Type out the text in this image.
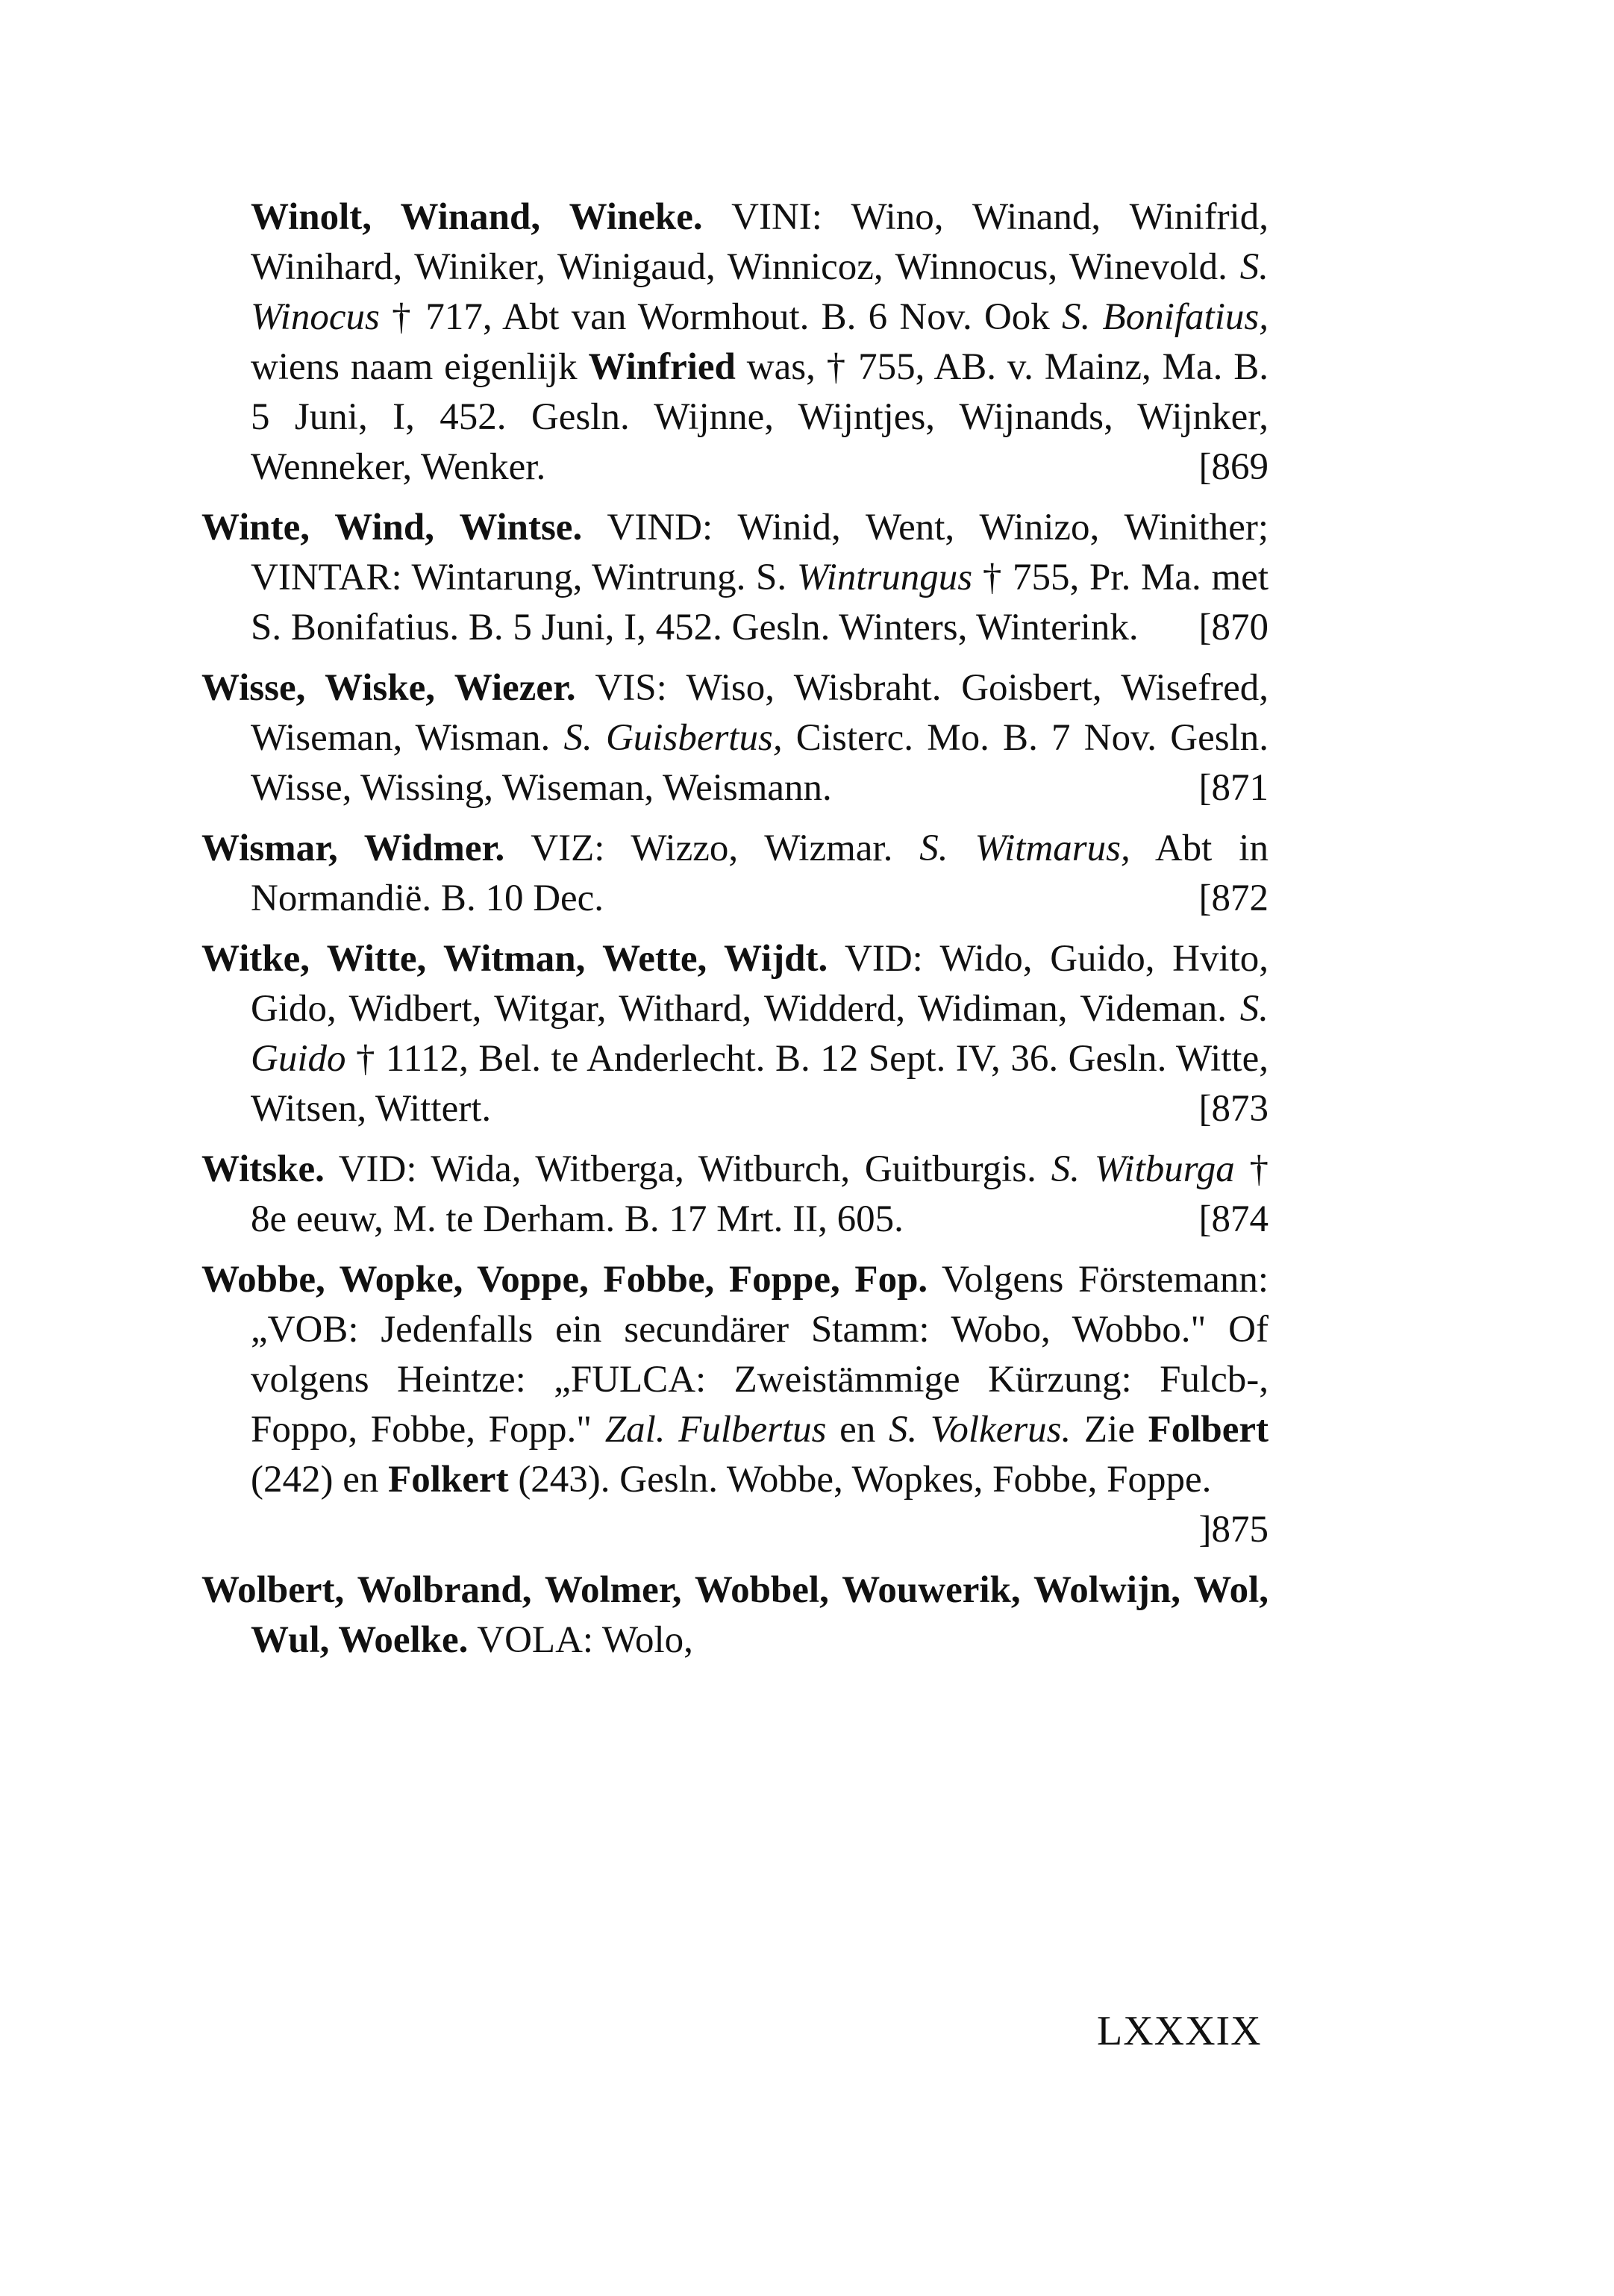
Winolt, Winand, Wineke. VINI: Wino, Winand, Winifrid, Winihard, Winiker, Winigaud, Winnicoz, Winnocus, Winevold. S. Winocus † 717, Abt van Wormhout. B. 6 Nov. Ook S. Bonifatius, wiens naam eigenlijk Winfried was, † 755, AB. v. Mainz, Ma. B. 5 Juni, I, 452. Gesln. Wijnne, Wijntjes, Wijnands, Wijnker, Wenneker, Wenker.	[869

Winte, Wind, Wintse. VIND: Winid, Went, Winizo, Winither; VINTAR: Wintarung, Wintrung. S. Wintrungus † 755, Pr. Ma. met S. Bonifatius. B. 5 Juni, I, 452. Gesln. Winters, Winterink. [870

Wisse, Wiske, Wiezer. VIS: Wiso, Wisbraht. Goisbert, Wisefred, Wiseman, Wisman. S. Guisbertus, Cisterc. Mo. B. 7 Nov. Gesln. Wisse, Wissing, Wiseman, Weismann.	[871

Wismar, Widmer. VIZ: Wizzo, Wizmar. S. Witmarus, Abt in Normandië. B. 10 Dec.	[872

Witke, Witte, Witman, Wette, Wijdt. VID: Wido, Guido, Hvito, Gido, Widbert, Witgar, Withard, Widderd, Widiman, Videman. S. Guido † 1112, Bel. te Anderlecht. B. 12 Sept. IV, 36. Gesln. Witte, Witsen, Wittert.	[873

Witske. VID: Wida, Witberga, Witburch, Guitburgis. S. Witburga † 8e eeuw, M. te Derham. B. 17 Mrt. II, 605.	[874

Wobbe, Wopke, Voppe, Fobbe, Foppe, Fop. Volgens Förstemann: „VOB: Jedenfalls ein secundärer Stamm: Wobo, Wobbo." Of volgens Heintze: „FULCA: Zweistämmige Kürzung: Fulcb-, Foppo, Fobbe, Fopp." Zal. Fulbertus en S. Volkerus. Zie Folbert (242) en Folkert (243). Gesln. Wobbe, Wopkes, Fobbe, Foppe.
]875

Wolbert, Wolbrand, Wolmer, Wobbel, Wouwerik, Wolwijn, Wol, Wul, Woelke. VOLA: Wolo,

LXXXIX
